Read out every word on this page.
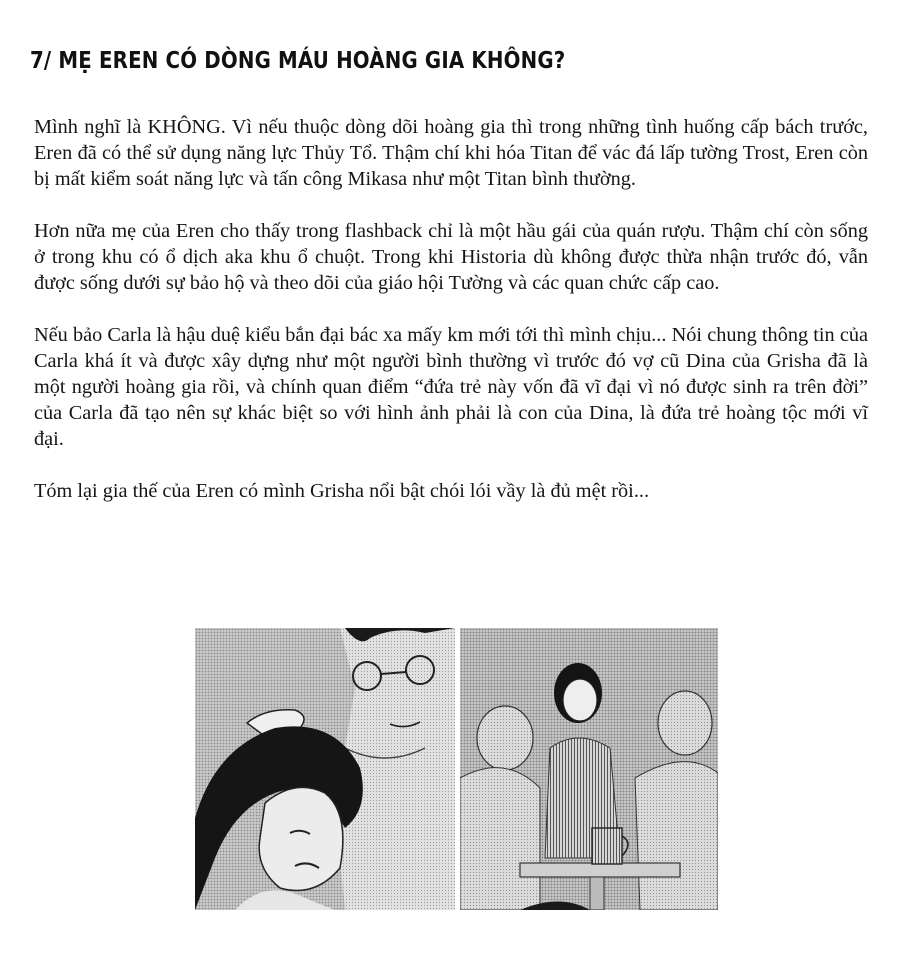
7/ MẸ EREN CÓ DÒNG MÁU HOÀNG GIA KHÔNG?

Mình nghĩ là KHÔNG. Vì nếu thuộc dòng dõi hoàng gia thì trong những tình huống cấp bách trước, Eren đã có thể sử dụng năng lực Thủy Tổ. Thậm chí khi hóa Titan để vác đá lấp tường Trost, Eren còn bị mất kiểm soát năng lực và tấn công Mikasa như một Titan bình thường.

Hơn nữa mẹ của Eren cho thấy trong flashback chỉ là một hầu gái của quán rượu. Thậm chí còn sống ở trong khu có ổ dịch aka khu ổ chuột. Trong khi Historia dù không được thừa nhận trước đó, vẫn được sống dưới sự bảo hộ và theo dõi của giáo hội Tường và các quan chức cấp cao.

Nếu bảo Carla là hậu duệ kiểu bắn đại bác xa mấy km mới tới thì mình chịu... Nói chung thông tin của Carla khá ít và được xây dựng như một người bình thường vì trước đó vợ cũ Dina của Grisha đã là một người hoàng gia rồi, và chính quan điểm “đứa trẻ này vốn đã vĩ đại vì nó được sinh ra trên đời” của Carla đã tạo nên sự khác biệt so với hình ảnh phải là con của Dina, là đứa trẻ hoàng tộc mới vĩ đại.

Tóm lại gia thế của Eren có mình Grisha nổi bật chói lói vầy là đủ mệt rồi...
